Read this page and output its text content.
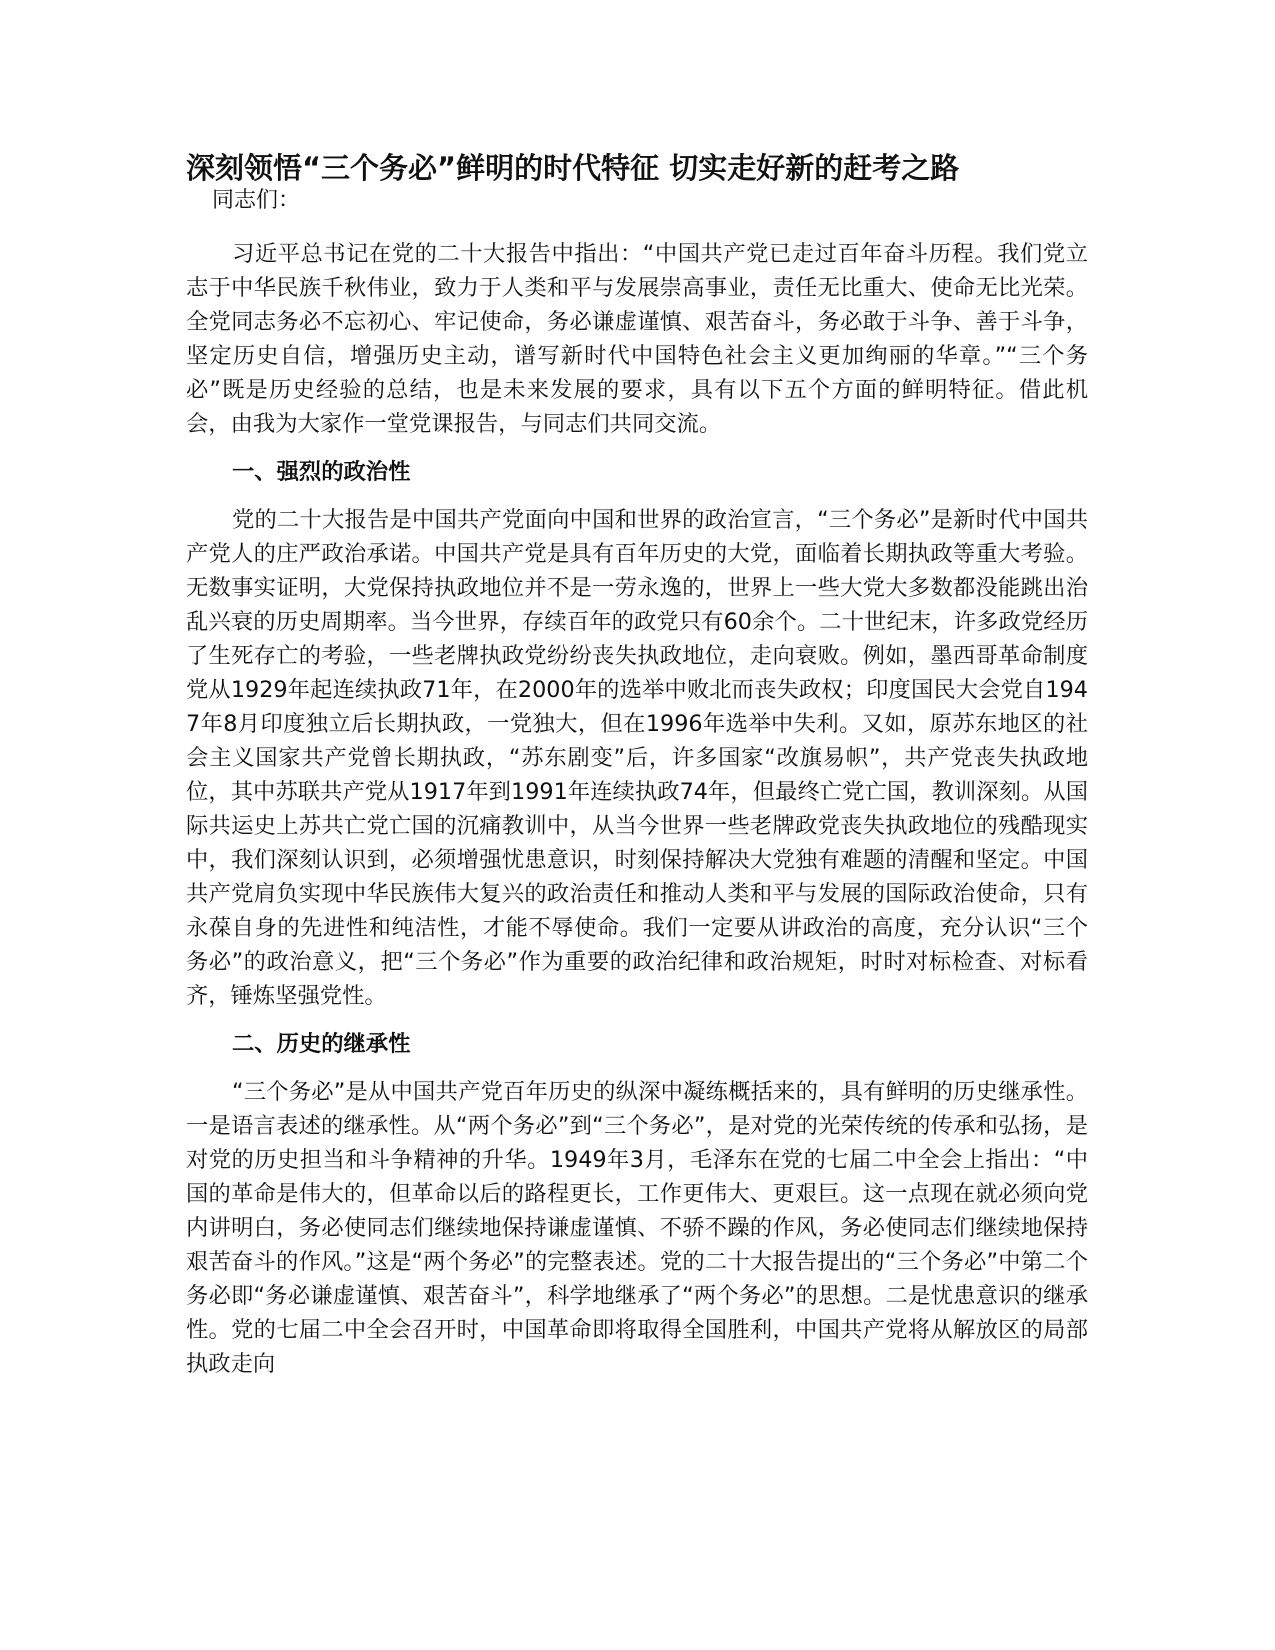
深刻领悟“三个务必”鲜明的时代特征 切实走好新的赶考之路

同志们：

习近平总书记在党的二十大报告中指出：“中国共产党已走过百年奋斗历程。我们党立志于中华民族千秋伟业，致力于人类和平与发展崇高事业，责任无比重大、使命无比光荣。全党同志务必不忘初心、牢记使命，务必谦虚谨慎、艰苦奋斗，务必敢于斗争、善于斗争，坚定历史自信，增强历史主动，谱写新时代中国特色社会主义更加绚丽的华章。”“三个务必”既是历史经验的总结，也是未来发展的要求，具有以下五个方面的鲜明特征。借此机会，由我为大家作一堂党课报告，与同志们共同交流。

一、强烈的政治性

党的二十大报告是中国共产党面向中国和世界的政治宣言，“三个务必”是新时代中国共产党人的庄严政治承诺。中国共产党是具有百年历史的大党，面临着长期执政等重大考验。无数事实证明，大党保持执政地位并不是一劳永逸的，世界上一些大党大多数都没能跳出治乱兴衰的历史周期率。当今世界，存续百年的政党只有60余个。二十世纪末，许多政党经历了生死存亡的考验，一些老牌执政党纷纷丧失执政地位，走向衰败。例如，墨西哥革命制度党从1929年起连续执政71年，在2000年的选举中败北而丧失政权；印度国民大会党自1947年8月印度独立后长期执政，一党独大，但在1996年选举中失利。又如，原苏东地区的社会主义国家共产党曾长期执政，“苏东剧变”后，许多国家“改旗易帜”，共产党丧失执政地位，其中苏联共产党从1917年到1991年连续执政74年，但最终亡党亡国，教训深刻。从国际共运史上苏共亡党亡国的沉痛教训中，从当今世界一些老牌政党丧失执政地位的残酷现实中，我们深刻认识到，必须增强忧患意识，时刻保持解决大党独有难题的清醒和坚定。中国共产党肩负实现中华民族伟大复兴的政治责任和推动人类和平与发展的国际政治使命，只有永葆自身的先进性和纯洁性，才能不辱使命。我们一定要从讲政治的高度，充分认识“三个务必”的政治意义，把“三个务必”作为重要的政治纪律和政治规矩，时时对标检查、对标看齐，锤炼坚强党性。

二、历史的继承性

“三个务必”是从中国共产党百年历史的纵深中凝练概括来的，具有鲜明的历史继承性。一是语言表述的继承性。从“两个务必”到“三个务必”，是对党的光荣传统的传承和弘扬，是对党的历史担当和斗争精神的升华。1949年3月，毛泽东在党的七届二中全会上指出：“中国的革命是伟大的，但革命以后的路程更长，工作更伟大、更艰巨。这一点现在就必须向党内讲明白，务必使同志们继续地保持谦虚谨慎、不骄不躁的作风，务必使同志们继续地保持艰苦奋斗的作风。”这是“两个务必”的完整表述。党的二十大报告提出的“三个务必”中第二个务必即“务必谦虚谨慎、艰苦奋斗”，科学地继承了“两个务必”的思想。二是忧患意识的继承性。党的七届二中全会召开时，中国革命即将取得全国胜利，中国共产党将从解放区的局部执政走向
